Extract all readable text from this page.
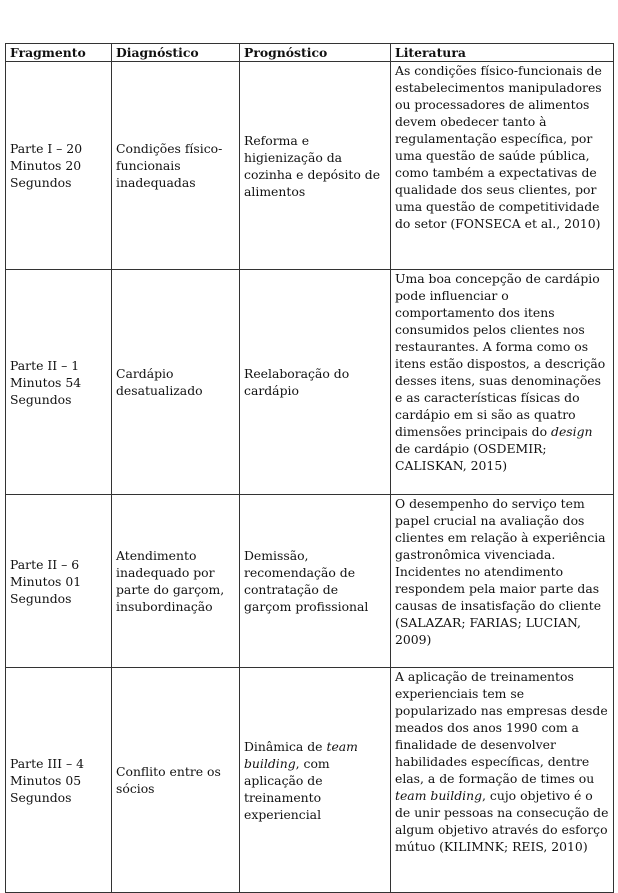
Fragmento	Diagnóstico	Prognóstico	Literatura
Parte I – 20 Minutos 20 Segundos	Condições físico-funcionais inadequadas	Reforma e higienização da cozinha e depósito de alimentos	As condições físico-funcionais de estabelecimentos manipuladores ou processadores de alimentos devem obedecer tanto à regulamentação específica, por uma questão de saúde pública, como também a expectativas de qualidade dos seus clientes, por uma questão de competitividade do setor (FONSECA et al., 2010)
Parte II – 1 Minutos 54 Segundos	Cardápio desatualizado	Reelaboração do cardápio	Uma boa concepção de cardápio pode influenciar o comportamento dos itens consumidos pelos clientes nos restaurantes. A forma como os itens estão dispostos, a descrição desses itens, suas denominações e as características físicas do cardápio em si são as quatro dimensões principais do design de cardápio (OSDEMIR; CALISKAN, 2015)
Parte II – 6 Minutos 01 Segundos	Atendimento inadequado por parte do garçom, insubordinação	Demissão, recomendação de contratação de garçom profissional	O desempenho do serviço tem papel crucial na avaliação dos clientes em relação à experiência gastronômica vivenciada. Incidentes no atendimento respondem pela maior parte das causas de insatisfação do cliente (SALAZAR; FARIAS; LUCIAN, 2009)
Parte III – 4 Minutos 05 Segundos	Conflito entre os sócios	Dinâmica de team building, com aplicação de treinamento experiencial	A aplicação de treinamentos experienciais tem se popularizado nas empresas desde meados dos anos 1990 com a finalidade de desenvolver habilidades específicas, dentre elas, a de formação de times ou team building, cujo objetivo é o de unir pessoas na consecução de algum objetivo através do esforço mútuo (KILIMNK; REIS, 2010)
